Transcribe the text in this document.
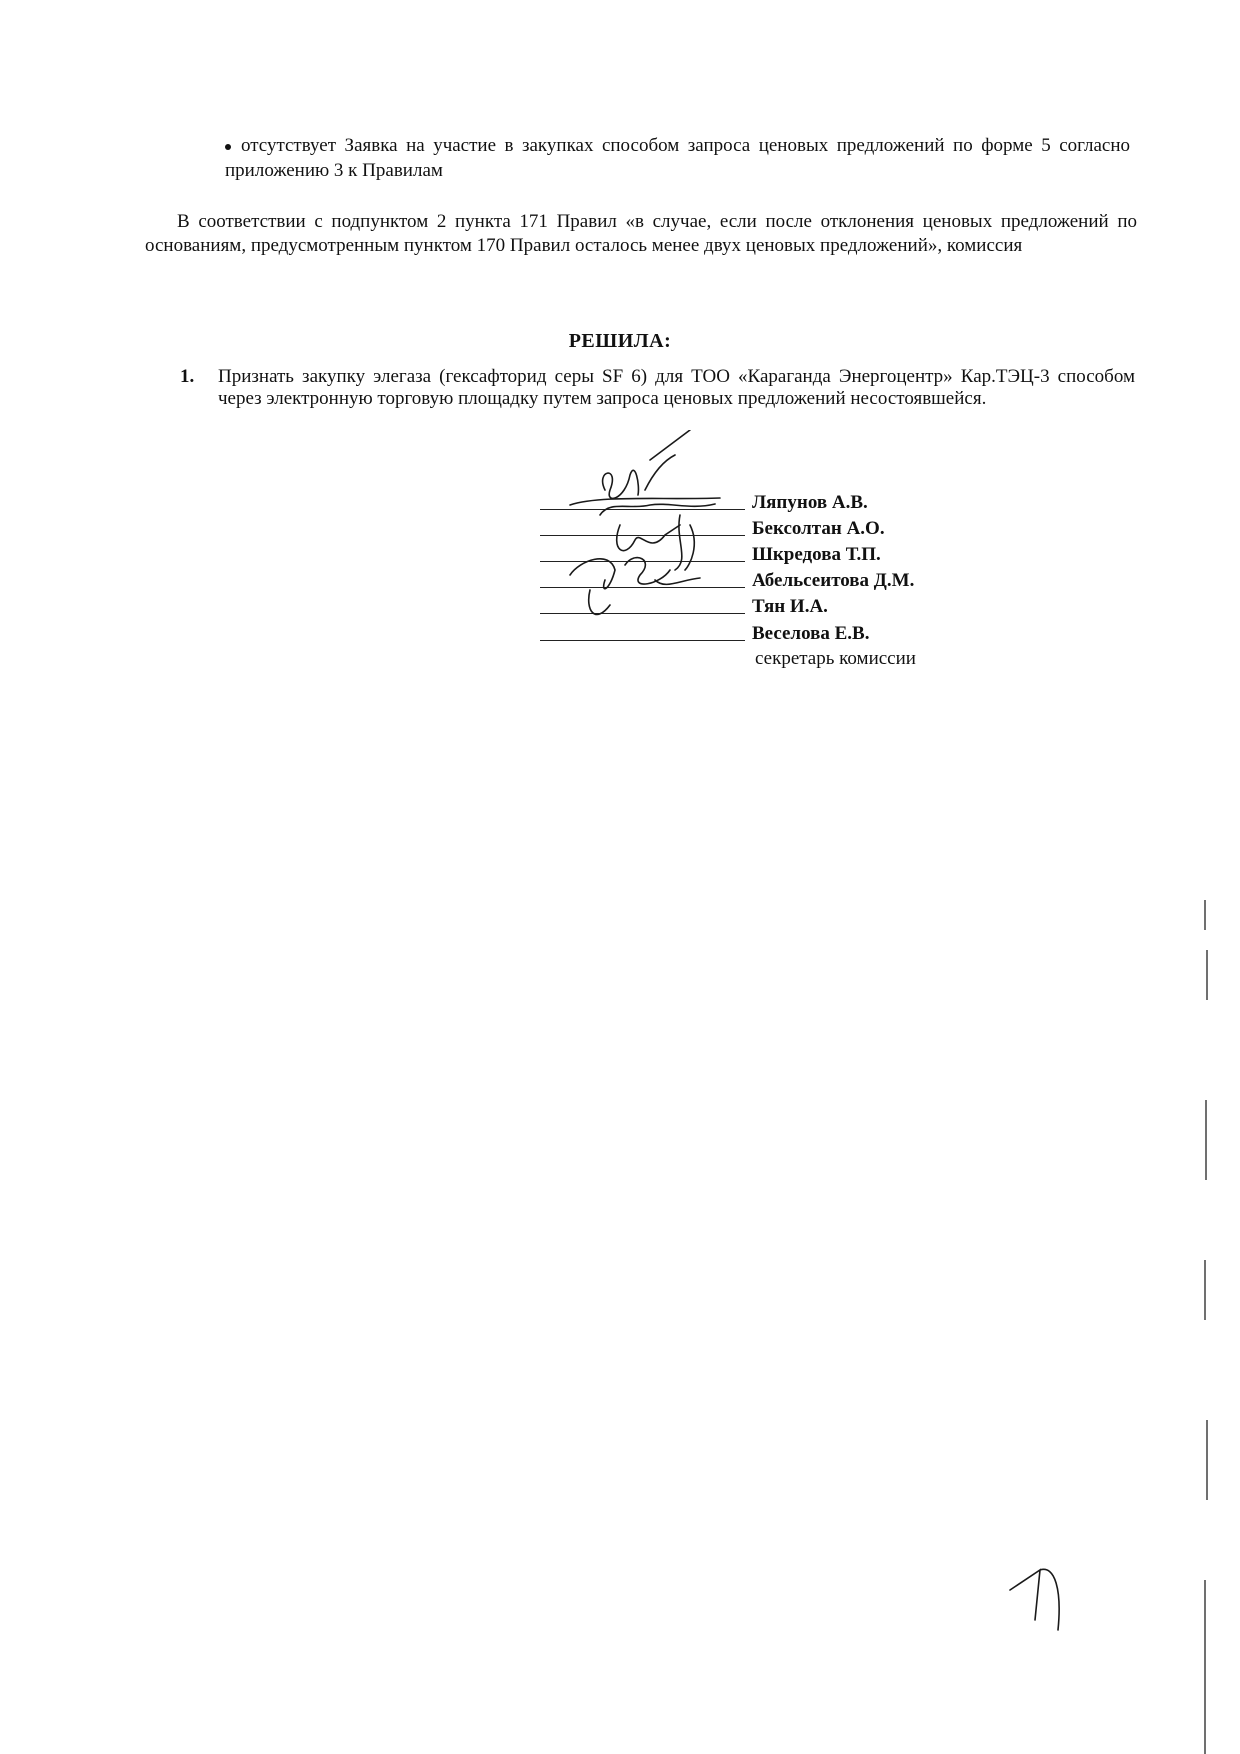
отсутствует Заявка на участие в закупках способом запроса ценовых предложений по форме 5 согласно приложению 3 к Правилам
В соответствии с подпунктом 2 пункта 171 Правил «в случае, если после отклонения ценовых предложений по основаниям, предусмотренным пунктом 170 Правил осталось менее двух ценовых предложений», комиссия
РЕШИЛА:
1. Признать закупку элегаза (гексафторид серы SF 6) для ТОО «Караганда Энергоцентр» Кар.ТЭЦ-3 способом через электронную торговую площадку путем запроса ценовых предложений несостоявшейся.
Ляпунов А.В.
Бексолтан А.О.
Шкредова Т.П.
Абельсеитова Д.М.
Тян И.А.
Веселова Е.В.
секретарь комиссии
